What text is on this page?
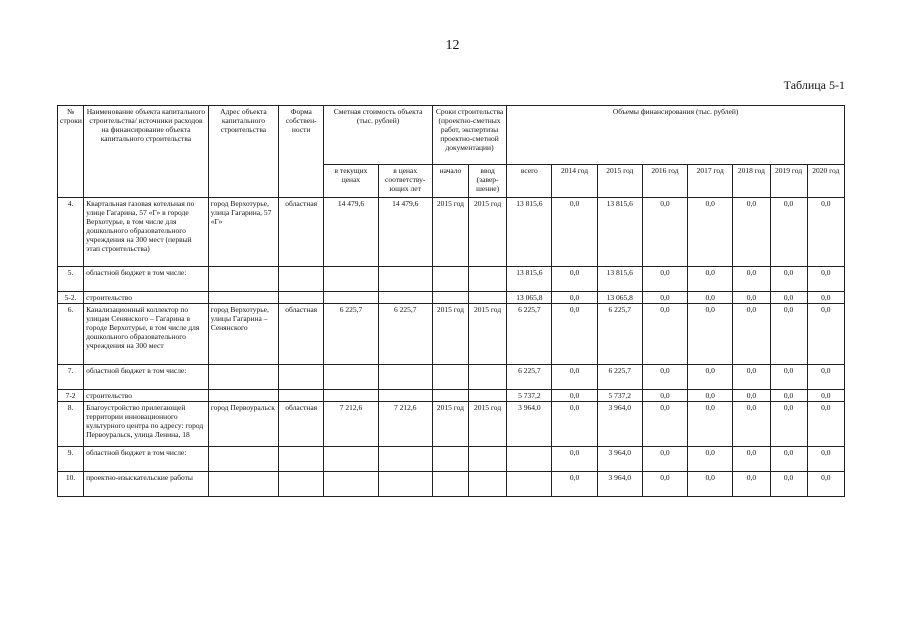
12
Таблица 5-1
№ строки	Наименование объекта капитального строительства/ источники расходов на финансирование объекта капитального строительства	Адрес объекта капитального строительства	Форма собствен-ности	Сметная стоимость объекта (тыс. рублей)		Сроки строительства (проектно-сметных работ, экспертизы проектно-сметной документации)		Объемы финансирования (тыс. рублей)							
				в текущих ценах	в ценах соответству-ющих лет	начало	ввод (завер-шение)	всего	2014 год	2015 год	2016 год	2017 год	2018 год	2019 год	2020 год
4.	Квартальная газовая котельная по улице Гагарина, 57 «Г» в городе Верхотурье, в том числе для дошкольного образовательного учреждения на 300 мест (первый этап строительства)	город Верхотурье, улица Гагарина, 57 «Г»	областная	14 479,6	14 479,6	2015 год	2015 год	13 815,6	0,0	13 815,6	0,0	0,0	0,0	0,0	0,0
5.	областной бюджет в том числе:							13 815,6	0,0	13 815,6	0,0	0,0	0,0	0,0	0,0
5-2.	строительство							13 065,8	0,0	13 065,8	0,0	0,0	0,0	0,0	0,0
6.	Канализационный коллектор по улицам Сенянского – Гагарина в городе Верхотурье, в том числе для дошкольного образовательного учреждения на 300 мест	город Верхотурье, улицы Гагарина – Сенянского	областная	6 225,7	6 225,7	2015 год	2015 год	6 225,7	0,0	6 225,7	0,0	0,0	0,0	0,0	0,0
7.	областной бюджет в том числе:							6 225,7	0,0	6 225,7	0,0	0,0	0,0	0,0	0,0
7-2	строительство							5 737,2	0,0	5 737,2	0,0	0,0	0,0	0,0	0,0
8.	Благоустройство прилегающей территории инновационного культурного центра по адресу: город Первоуральск, улица Ленина, 18	город Первоуральск	областная	7 212,6	7 212,6	2015 год	2015 год	3 964,0	0,0	3 964,0	0,0	0,0	0,0	0,0	0,0
9.	областной бюджет в том числе:								0,0	3 964,0	0,0	0,0	0,0	0,0	0,0
10.	проектно-изыскательские работы								0,0	3 964,0	0,0	0,0	0,0	0,0	0,0
